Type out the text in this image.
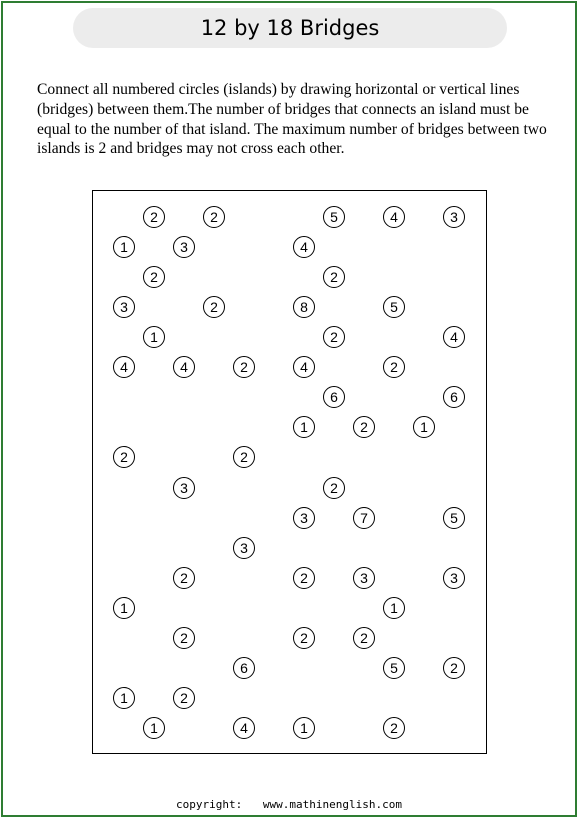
12 by 18 Bridges
Connect all numbered circles (islands) by drawing horizontal or vertical lines (bridges) between them.The number of bridges that connects an island must be equal to the number of that island. The maximum number of bridges between two islands is 2 and bridges may not cross each other.
2	2	5	4	3
1	3	4
2	2
3	2	8	5
1	2	4
4	4	2	4	2
6	6
1	2	1
2	2
3	2
3	7	5
3
2	2	3	3
1	1
2	2	2
6	5	2
1	2
1	4	1	2
copyright: www.mathinenglish.com
